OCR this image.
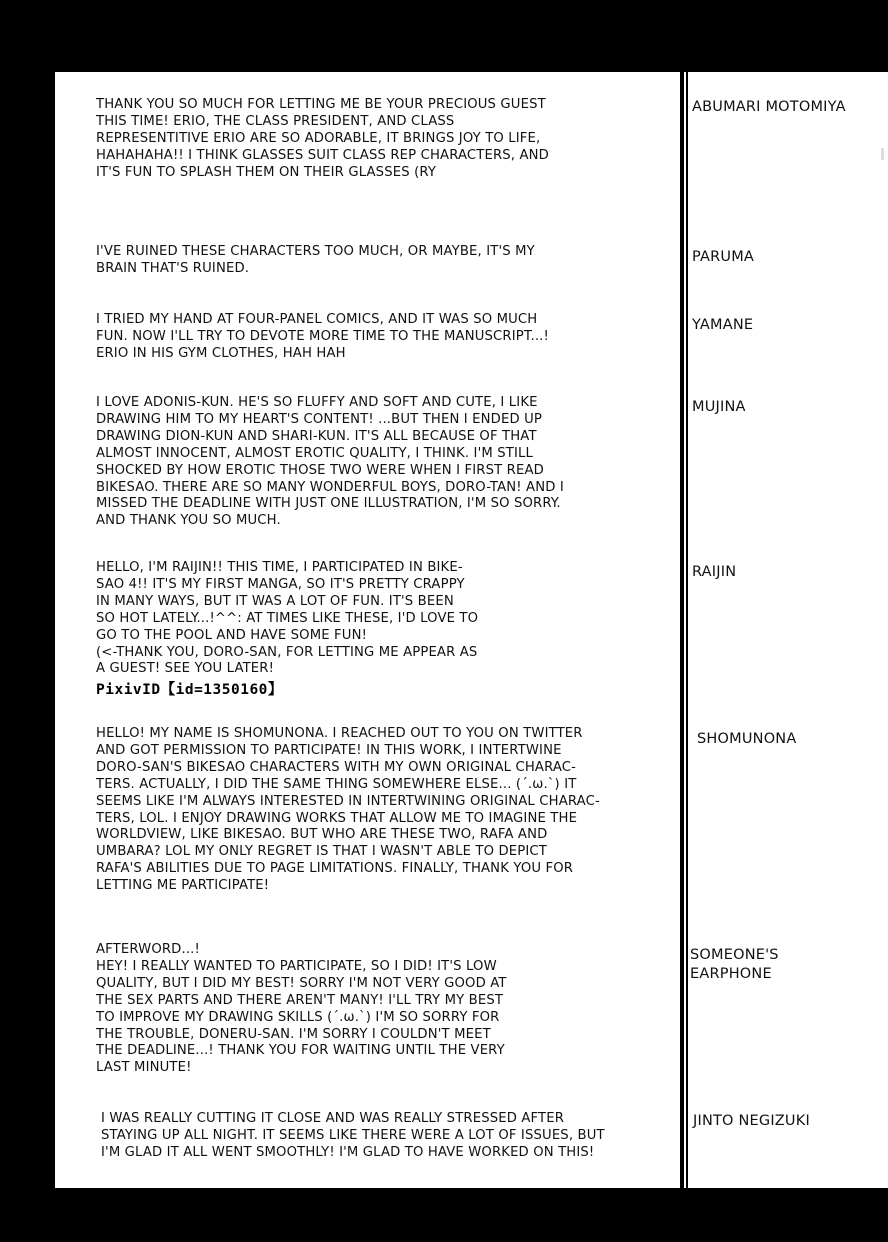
THANK YOU SO MUCH FOR LETTING ME BE YOUR PRECIOUS GUEST
THIS TIME! ERIO, THE CLASS PRESIDENT, AND CLASS
REPRESENTITIVE ERIO ARE SO ADORABLE, IT BRINGS JOY TO LIFE,
HAHAHAHA!! I THINK GLASSES SUIT CLASS REP CHARACTERS, AND
IT'S FUN TO SPLASH THEM ON THEIR GLASSES (RY

ABUMARI MOTOMIYA

I'VE RUINED THESE CHARACTERS TOO MUCH, OR MAYBE, IT'S MY
BRAIN THAT'S RUINED.

PARUMA

I TRIED MY HAND AT FOUR-PANEL COMICS, AND IT WAS SO MUCH
FUN. NOW I'LL TRY TO DEVOTE MORE TIME TO THE MANUSCRIPT...!
ERIO IN HIS GYM CLOTHES, HAH HAH

YAMANE

I LOVE ADONIS-KUN. HE'S SO FLUFFY AND SOFT AND CUTE, I LIKE
DRAWING HIM TO MY HEART'S CONTENT! ...BUT THEN I ENDED UP
DRAWING DION-KUN AND SHARI-KUN. IT'S ALL BECAUSE OF THAT
ALMOST INNOCENT, ALMOST EROTIC QUALITY, I THINK. I'M STILL
SHOCKED BY HOW EROTIC THOSE TWO WERE WHEN I FIRST READ
BIKESAO. THERE ARE SO MANY WONDERFUL BOYS, DORO-TAN! AND I
MISSED THE DEADLINE WITH JUST ONE ILLUSTRATION, I'M SO SORRY.
AND THANK YOU SO MUCH.

MUJINA

HELLO, I'M RAIJIN!! THIS TIME, I PARTICIPATED IN BIKE-
SAO 4!! IT'S MY FIRST MANGA, SO IT'S PRETTY CRAPPY
IN MANY WAYS, BUT IT WAS A LOT OF FUN. IT'S BEEN
SO HOT LATELY...!^^: AT TIMES LIKE THESE, I'D LOVE TO
GO TO THE POOL AND HAVE SOME FUN!
(<-THANK YOU, DORO-SAN, FOR LETTING ME APPEAR AS
A GUEST! SEE YOU LATER!

PixivID【id=1350160】
RAIJIN

HELLO! MY NAME IS SHOMUNONA. I REACHED OUT TO YOU ON TWITTER
AND GOT PERMISSION TO PARTICIPATE! IN THIS WORK, I INTERTWINE
DORO-SAN'S BIKESAO CHARACTERS WITH MY OWN ORIGINAL CHARAC-
TERS. ACTUALLY, I DID THE SAME THING SOMEWHERE ELSE... (´.ω.`) IT
SEEMS LIKE I'M ALWAYS INTERESTED IN INTERTWINING ORIGINAL CHARAC-
TERS, LOL. I ENJOY DRAWING WORKS THAT ALLOW ME TO IMAGINE THE
WORLDVIEW, LIKE BIKESAO. BUT WHO ARE THESE TWO, RAFA AND
UMBARA? LOL MY ONLY REGRET IS THAT I WASN'T ABLE TO DEPICT
RAFA'S ABILITIES DUE TO PAGE LIMITATIONS. FINALLY, THANK YOU FOR
LETTING ME PARTICIPATE!

SHOMUNONA

AFTERWORD...!
HEY! I REALLY WANTED TO PARTICIPATE, SO I DID! IT'S LOW
QUALITY, BUT I DID MY BEST! SORRY I'M NOT VERY GOOD AT
THE SEX PARTS AND THERE AREN'T MANY! I'LL TRY MY BEST
TO IMPROVE MY DRAWING SKILLS (´.ω.`) I'M SO SORRY FOR
THE TROUBLE, DONERU-SAN. I'M SORRY I COULDN'T MEET
THE DEADLINE...! THANK YOU FOR WAITING UNTIL THE VERY
LAST MINUTE!

SOMEONE'S
EARPHONE

I WAS REALLY CUTTING IT CLOSE AND WAS REALLY STRESSED AFTER
STAYING UP ALL NIGHT. IT SEEMS LIKE THERE WERE A LOT OF ISSUES, BUT
I'M GLAD IT ALL WENT SMOOTHLY! I'M GLAD TO HAVE WORKED ON THIS!

JINTO NEGIZUKI
